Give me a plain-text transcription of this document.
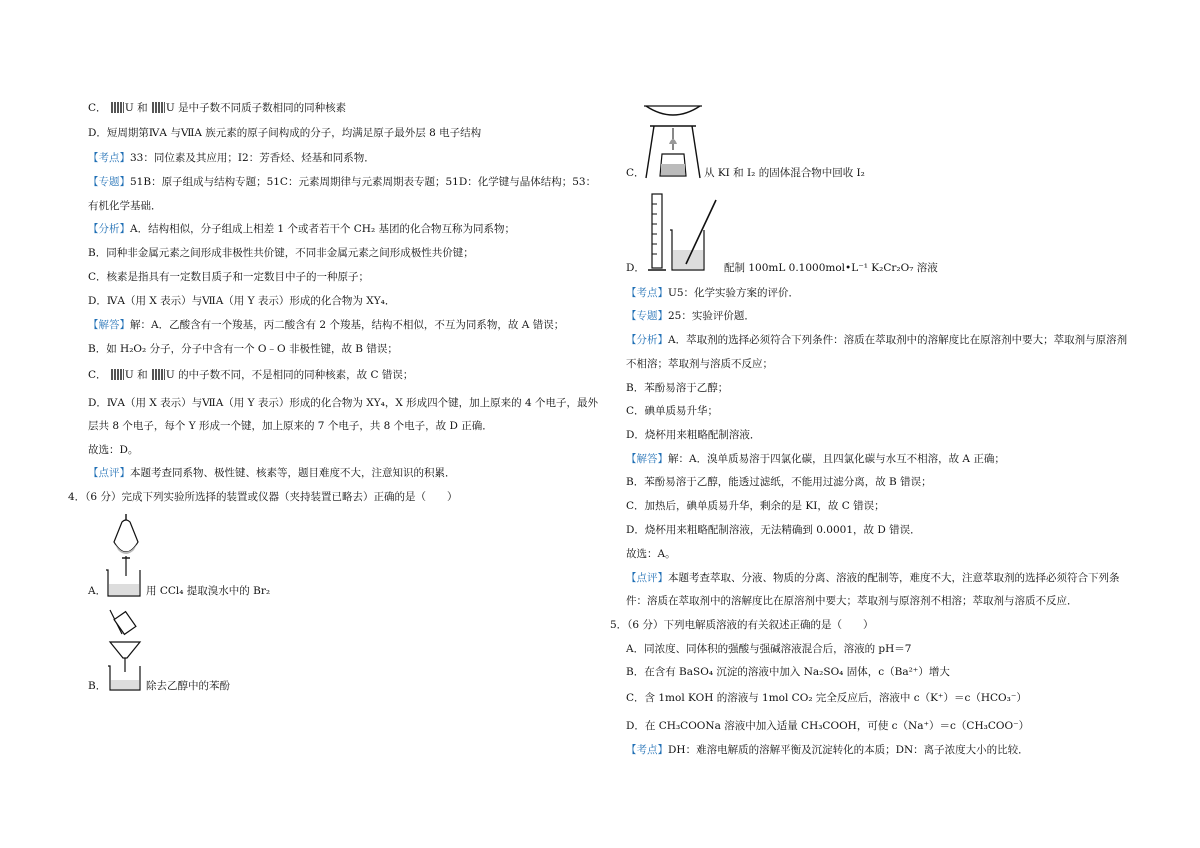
C． U 和 U 是中子数不同质子数相同的同种核素
D．短周期第ⅣA 与ⅦA 族元素的原子间构成的分子，均满足原子最外层 8 电子结构
【考点】33：同位素及其应用；I2：芳香烃、烃基和同系物．
【专题】51B：原子组成与结构专题；51C：元素周期律与元素周期表专题；51D：化学键与晶体结构；53：
有机化学基础．
【分析】A．结构相似，分子组成上相差 1 个或者若干个 CH₂ 基团的化合物互称为同系物；
B．同种非金属元素之间形成非极性共价键，不同非金属元素之间形成极性共价键；
C．核素是指具有一定数目质子和一定数目中子的一种原子；
D．ⅣA（用 X 表示）与ⅦA（用 Y 表示）形成的化合物为 XY₄．
【解答】解：A．乙酸含有一个羧基，丙二酸含有 2 个羧基，结构不相似，不互为同系物，故 A 错误；
B．如 H₂O₂ 分子，分子中含有一个 O﹣O 非极性键，故 B 错误；
C． U 和 U 的中子数不同，不是相同的同种核素，故 C 错误；
D．ⅣA（用 X 表示）与ⅦA（用 Y 表示）形成的化合物为 XY₄，X 形成四个键，加上原来的 4 个电子，最外
层共 8 个电子，每个 Y 形成一个键，加上原来的 7 个电子，共 8 个电子，故 D 正确．
故选：D。
【点评】本题考查同系物、极性键、核素等，题目难度不大，注意知识的积累．
4．（6 分）完成下列实验所选择的装置或仪器（夹持装置已略去）正确的是（　　）
A．	用 CCl₄ 提取溴水中的 Br₂
B．	除去乙醇中的苯酚
C．	从 KI 和 I₂ 的固体混合物中回收 I₂
D．	配制 100mL 0.1000mol•L⁻¹ K₂Cr₂O₇ 溶液
【考点】U5：化学实验方案的评价．
【专题】25：实验评价题．
【分析】A．萃取剂的选择必须符合下列条件：溶质在萃取剂中的溶解度比在原溶剂中要大；萃取剂与原溶剂
不相溶；萃取剂与溶质不反应；
B．苯酚易溶于乙醇；
C．碘单质易升华；
D．烧杯用来粗略配制溶液．
【解答】解：A．溴单质易溶于四氯化碳，且四氯化碳与水互不相溶，故 A 正确；
B．苯酚易溶于乙醇，能透过滤纸，不能用过滤分离，故 B 错误；
C．加热后，碘单质易升华，剩余的是 KI，故 C 错误；
D．烧杯用来粗略配制溶液，无法精确到 0.0001，故 D 错误．
故选：A。
【点评】本题考查萃取、分液、物质的分离、溶液的配制等，难度不大，注意萃取剂的选择必须符合下列条
件：溶质在萃取剂中的溶解度比在原溶剂中要大；萃取剂与原溶剂不相溶；萃取剂与溶质不反应．
5．（6 分）下列电解质溶液的有关叙述正确的是（　　）
A．同浓度、同体积的强酸与强碱溶液混合后，溶液的 pH＝7
B．在含有 BaSO₄ 沉淀的溶液中加入 Na₂SO₄ 固体，c（Ba²⁺）增大
C．含 1mol KOH 的溶液与 1mol CO₂ 完全反应后，溶液中 c（K⁺）＝c（HCO₃⁻）
D．在 CH₃COONa 溶液中加入适量 CH₃COOH，可使 c（Na⁺）＝c（CH₃COO⁻）
【考点】DH：难溶电解质的溶解平衡及沉淀转化的本质；DN：离子浓度大小的比较．
